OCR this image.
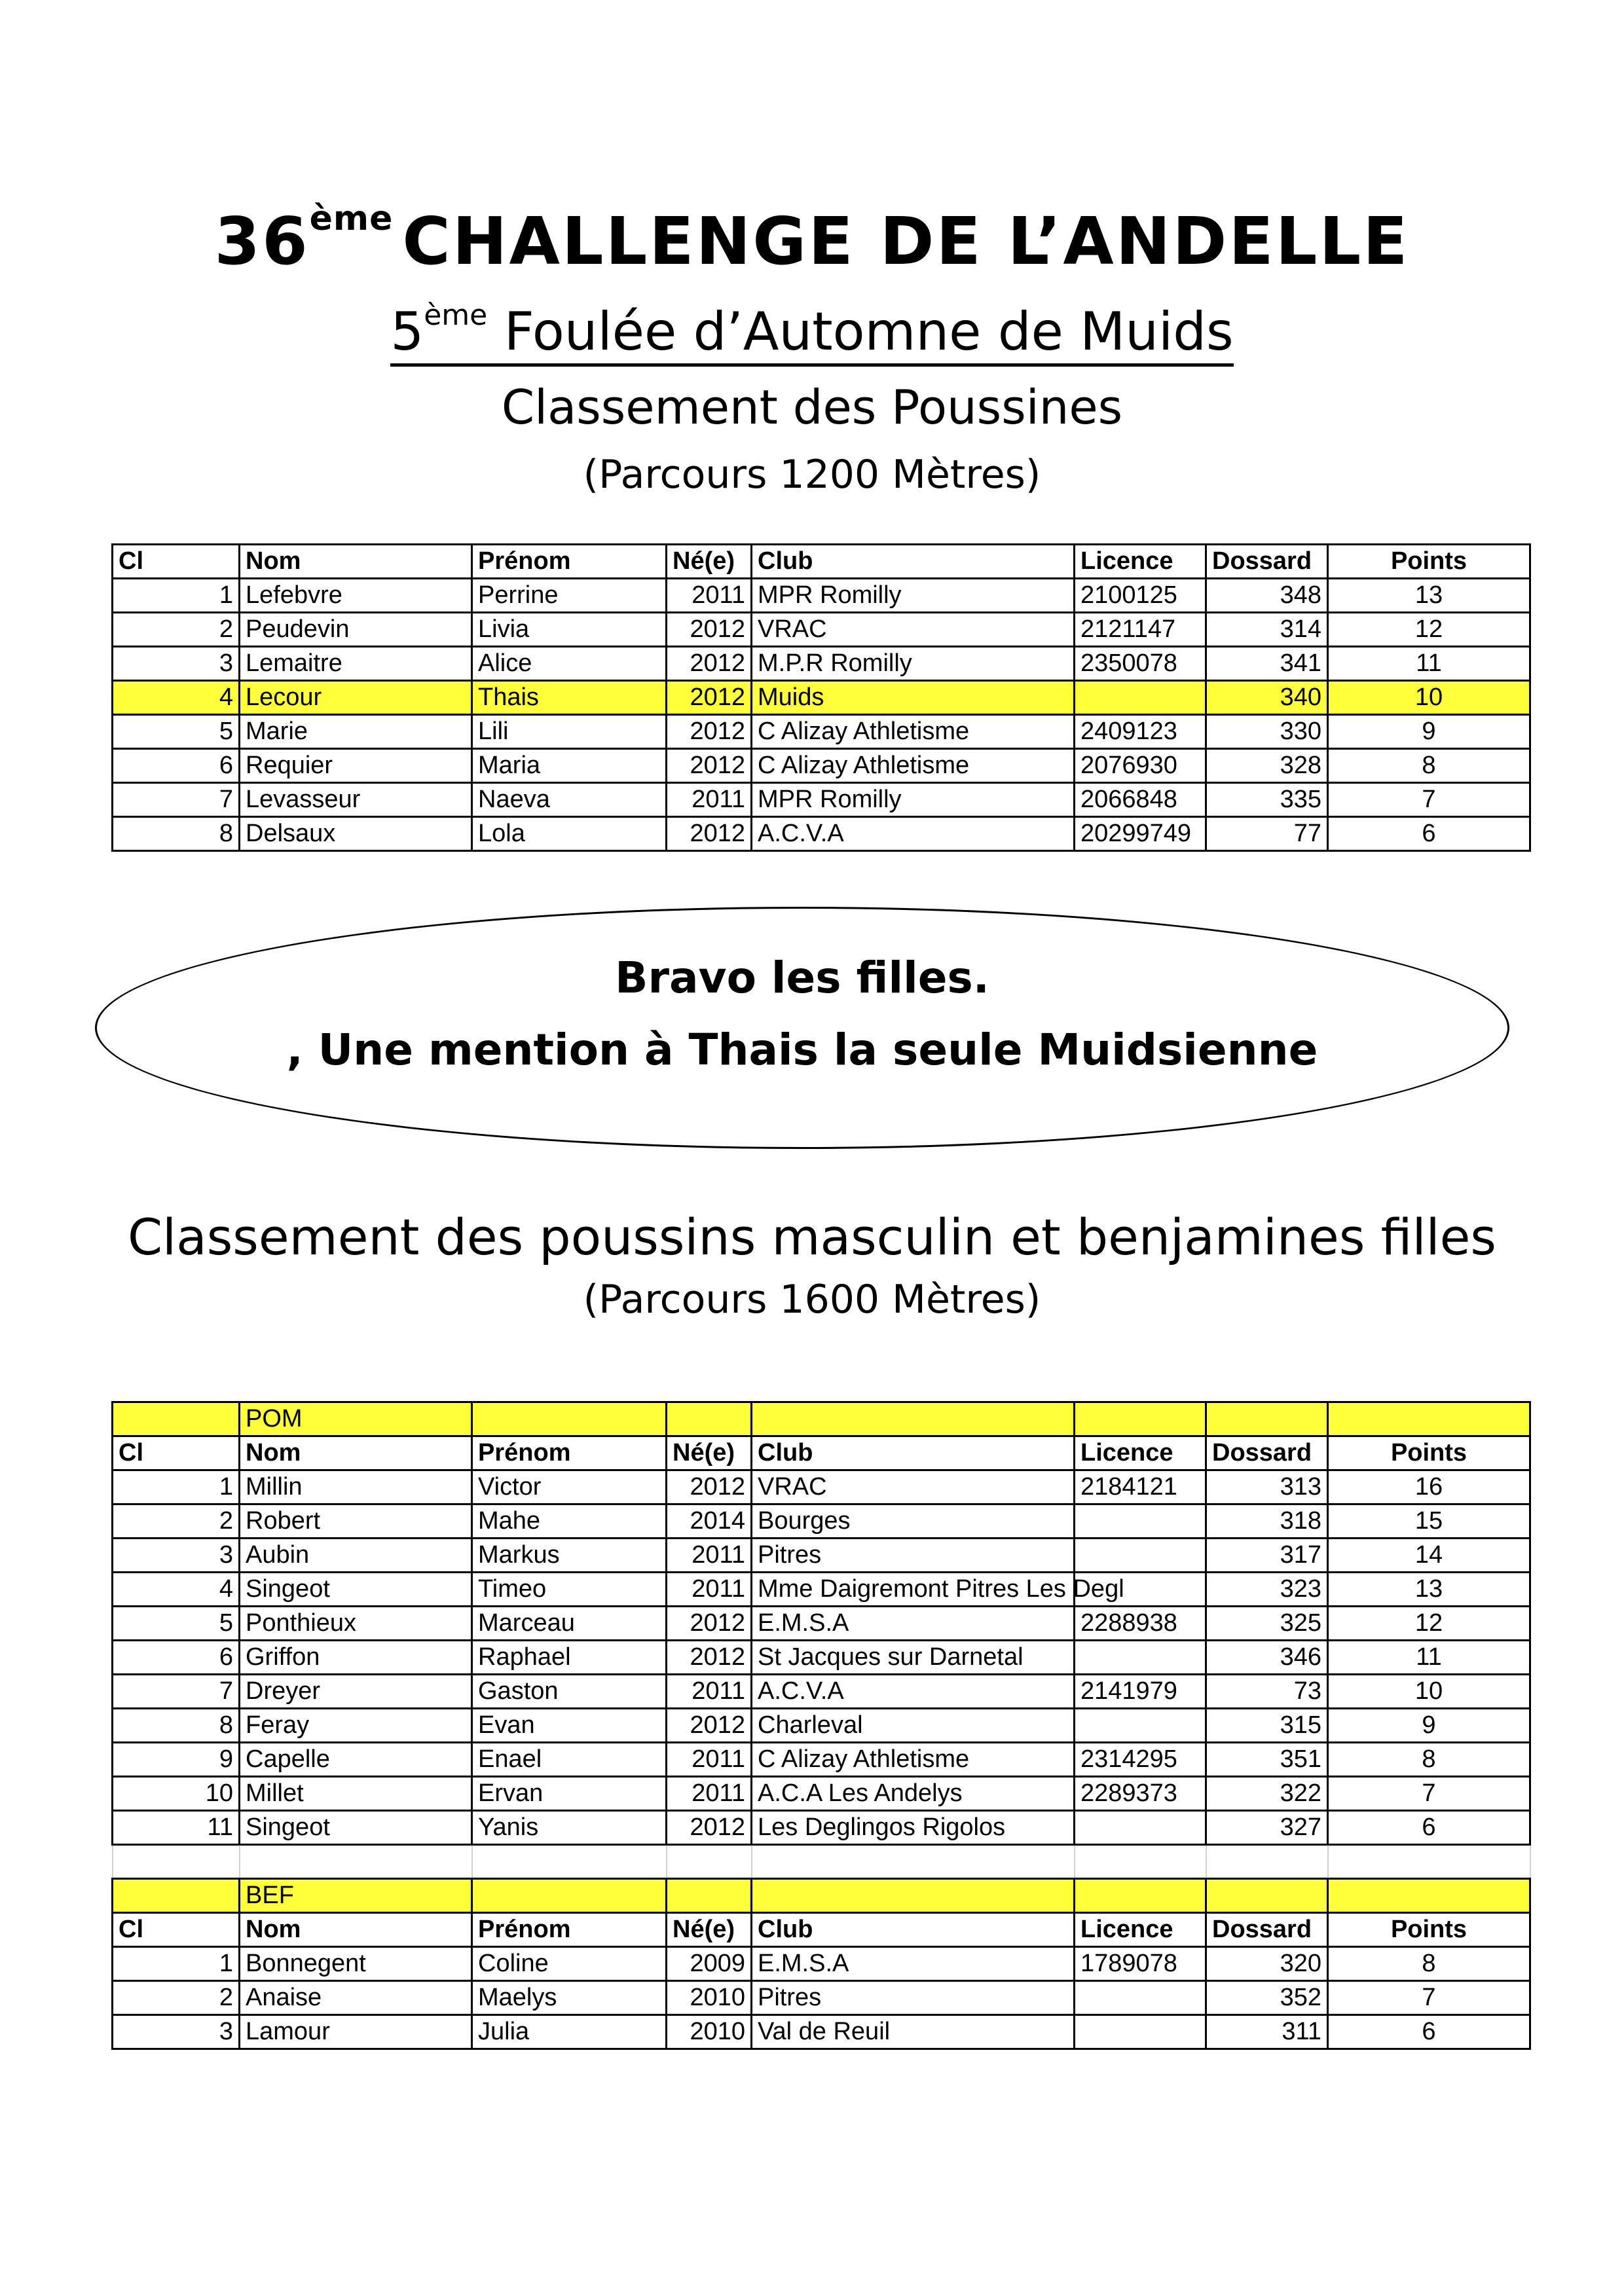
36ème CHALLENGE DE L’ANDELLE
5ème Foulée d’Automne de Muids
Classement des Poussines
(Parcours 1200 Mètres)
Cl	Nom	Prénom	Né(e)	Club	Licence	Dossard	Points
1	Lefebvre	Perrine	2011	MPR Romilly	2100125	348	13
2	Peudevin	Livia	2012	VRAC	2121147	314	12
3	Lemaitre	Alice	2012	M.P.R Romilly	2350078	341	11
4	Lecour	Thais	2012	Muids		340	10
5	Marie	Lili	2012	C Alizay Athletisme	2409123	330	9
6	Requier	Maria	2012	C Alizay Athletisme	2076930	328	8
7	Levasseur	Naeva	2011	MPR Romilly	2066848	335	7
8	Delsaux	Lola	2012	A.C.V.A	20299749	77	6
Bravo les filles.
, Une mention à Thais la seule Muidsienne
Classement des poussins masculin et benjamines filles
(Parcours 1600 Mètres)
	POM						
Cl	Nom	Prénom	Né(e)	Club	Licence	Dossard	Points
1	Millin	Victor	2012	VRAC	2184121	313	16
2	Robert	Mahe	2014	Bourges		318	15
3	Aubin	Markus	2011	Pitres		317	14
4	Singeot	Timeo	2011	Mme Daigremont Pitres Les Degl		323	13
5	Ponthieux	Marceau	2012	E.M.S.A	2288938	325	12
6	Griffon	Raphael	2012	St Jacques sur Darnetal		346	11
7	Dreyer	Gaston	2011	A.C.V.A	2141979	73	10
8	Feray	Evan	2012	Charleval		315	9
9	Capelle	Enael	2011	C Alizay Athletisme	2314295	351	8
10	Millet	Ervan	2011	A.C.A Les Andelys	2289373	322	7
11	Singeot	Yanis	2012	Les Deglingos Rigolos		327	6

	BEF						
Cl	Nom	Prénom	Né(e)	Club	Licence	Dossard	Points
1	Bonnegent	Coline	2009	E.M.S.A	1789078	320	8
2	Anaise	Maelys	2010	Pitres		352	7
3	Lamour	Julia	2010	Val de Reuil		311	6
